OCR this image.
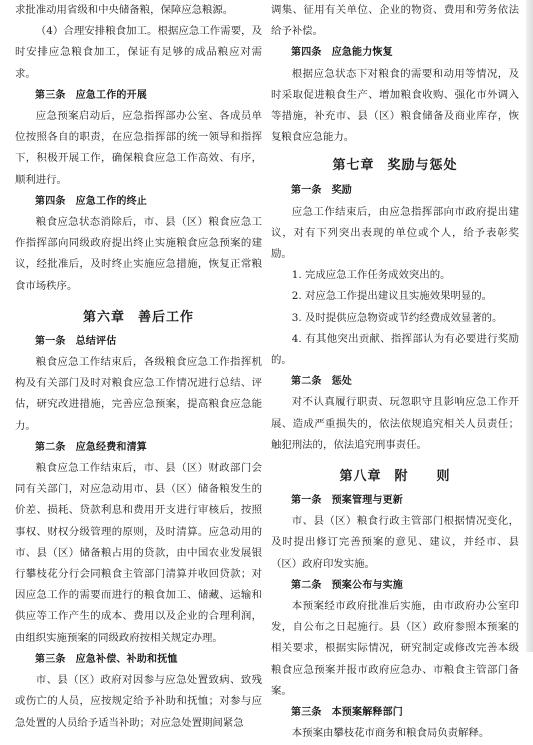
求批准动用省级和中央储备粮，保障应急粮源。

（4）合理安排粮食加工。根据应急工作需要，及时安排应急粮食加工，保证有足够的成品粮应对需求。

第三条 应急工作的开展

应急预案启动后，应急指挥部办公室、各成员单位按照各自的职责，在应急指挥部的统一领导和指挥下，积极开展工作，确保粮食应急工作高效、有序，顺利进行。

第四条 应急工作的终止

粮食应急状态消除后，市、县（区）粮食应急工作指挥部向同级政府提出终止实施粮食应急预案的建议，经批准后，及时终止实施应急措施，恢复正常粮食市场秩序。

第六章 善后工作
第一条 总结评估

粮食应急工作结束后，各级粮食应急工作指挥机构及有关部门及时对粮食应急工作情况进行总结、评估，研究改进措施，完善应急预案，提高粮食应急能力。

第二条 应急经费和清算

粮食应急工作结束后，市、县（区）财政部门会同有关部门，对应急动用市、县（区）储备粮发生的价差、损耗、贷款利息和费用开支进行审核后，按照事权、财权分级管理的原则，及时清算。应急动用的市、县（区）储备粮占用的贷款，由中国农业发展银行攀枝花分行会同粮食主管部门清算并收回贷款；对因应急工作的需要而进行的粮食加工、储藏、运输和供应等工作产生的成本、费用以及企业的合理利润，由组织实施预案的同级政府按相关规定办理。

第三条 应急补偿、补助和抚恤

市、县（区）政府对因参与应急处置致病、致残或伤亡的人员，应按规定给予补助和抚恤；对参与应急处置的人员给予适当补助；对应急处置期间紧急

调集、征用有关单位、企业的物资、费用和劳务依法给予补偿。

第四条 应急能力恢复

根据应急状态下对粮食的需要和动用等情况，及时采取促进粮食生产、增加粮食收购、强化市外调入等措施，补充市、县（区）粮食储备及商业库存，恢复粮食应急能力。

第七章 奖励与惩处
第一条 奖励

应急工作结束后，由应急指挥部向市政府提出建议，对有下列突出表现的单位或个人，给予表彰奖励。

1. 完成应急工作任务成效突出的。

2. 对应急工作提出建议且实施效果明显的。

3. 及时提供应急物资或节约经费成效显著的。

4. 有其他突出贡献、指挥部认为有必要进行奖励的。

第二条 惩处

对不认真履行职责、玩忽职守且影响应急工作开展、造成严重损失的，依法依规追究相关人员责任；触犯刑法的，依法追究刑事责任。

第八章 附　　则
第一条 预案管理与更新

市、县（区）粮食行政主管部门根据情况变化，及时提出修订完善预案的意见、建议，并经市、县（区）政府印发实施。

第二条 预案公布与实施

本预案经市政府批准后实施，由市政府办公室印发，自公布之日起施行。县（区）政府参照本预案的相关要求，根据实际情况，研究制定或修改完善本级粮食应急预案并报市政府应急办、市粮食主管部门备案。

第三条 本预案解释部门

本预案由攀枝花市商务和粮食局负责解释。
